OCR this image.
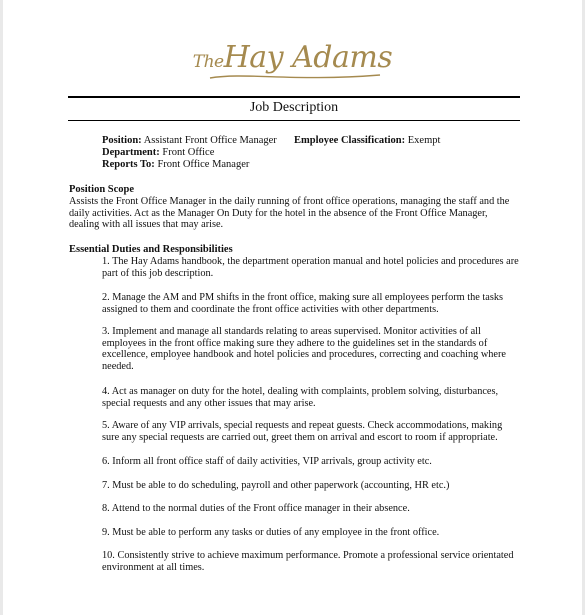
TheHay Adams
Job Description
Position: Assistant Front Office Manager Employee Classification: Exempt
Department: Front Office
Reports To: Front Office Manager
Position Scope
Assists the Front Office Manager in the daily running of front office operations, managing the staff and the
daily activities. Act as the Manager On Duty for the hotel in the absence of the Front Office Manager,
dealing with all issues that may arise.
Essential Duties and Responsibilities
1. The Hay Adams handbook, the department operation manual and hotel policies and procedures are
part of this job description.
2. Manage the AM and PM shifts in the front office, making sure all employees perform the tasks
assigned to them and coordinate the front office activities with other departments.
3. Implement and manage all standards relating to areas supervised. Monitor activities of all
employees in the front office making sure they adhere to the guidelines set in the standards of
excellence, employee handbook and hotel policies and procedures, correcting and coaching where
needed.
4. Act as manager on duty for the hotel, dealing with complaints, problem solving, disturbances,
special requests and any other issues that may arise.
5. Aware of any VIP arrivals, special requests and repeat guests. Check accommodations, making
sure any special requests are carried out, greet them on arrival and escort to room if appropriate.
6. Inform all front office staff of daily activities, VIP arrivals, group activity etc.
7. Must be able to do scheduling, payroll and other paperwork (accounting, HR etc.)
8. Attend to the normal duties of the Front office manager in their absence.
9. Must be able to perform any tasks or duties of any employee in the front office.
10. Consistently strive to achieve maximum performance. Promote a professional service orientated
environment at all times.
